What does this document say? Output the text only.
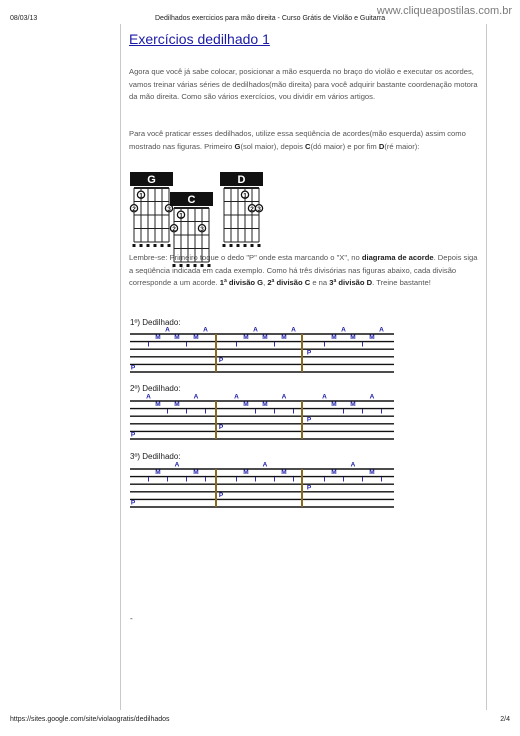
08/03/13	Dedilhados exercicios para mão direita - Curso Grátis de Violão e Guitarra
www.cliqueapostilas.com.br
Exercícios dedilhado 1
Agora que você já sabe colocar, posicionar a mão esquerda no braço do violão e executar os acordes, vamos treinar várias séries de dedilhados(mão direita) para você adquirir bastante coordenação motora da mão direita. Como são vários exercícios, vou dividir em vários artigos.
Para você praticar esses dedilhados, utilize essa seqüência de acordes(mão esquerda) assim como mostrado nas figuras. Primeiro G(sol maior), depois C(dó maior) e por fim D(ré maior):
G
2
1
3
C
2
1
3
D
1
2 3
Lembre-se: Primeiro toque o dedo "P" onde esta marcando o "X", no diagrama de acorde. Depois siga a seqüência indicada em cada exemplo. Como há três divisórias nas figuras abaixo, cada divisão corresponde a um acorde. 1ª divisão G, 2ª divisão C e na 3ª divisão D. Treine bastante!
1º) Dedilhado:
P
I
M
A
M
I
M
A
P
I
M
A
M
I
M
A
P
I
M
A
M
I
M
A
2º) Dedilhado:
P
A
M
I
M
I
A
I
P
A
M
I
M
I
A
I
P
A
M
I
M
I
A
I
3º) Dedilhado:
P
I
M
I
A
I
M
I
P
I
M
I
A
I
M
I
P
I
M
I
A
I
M
I
-
https://sites.google.com/site/violaogratis/dedilhados	2/4
